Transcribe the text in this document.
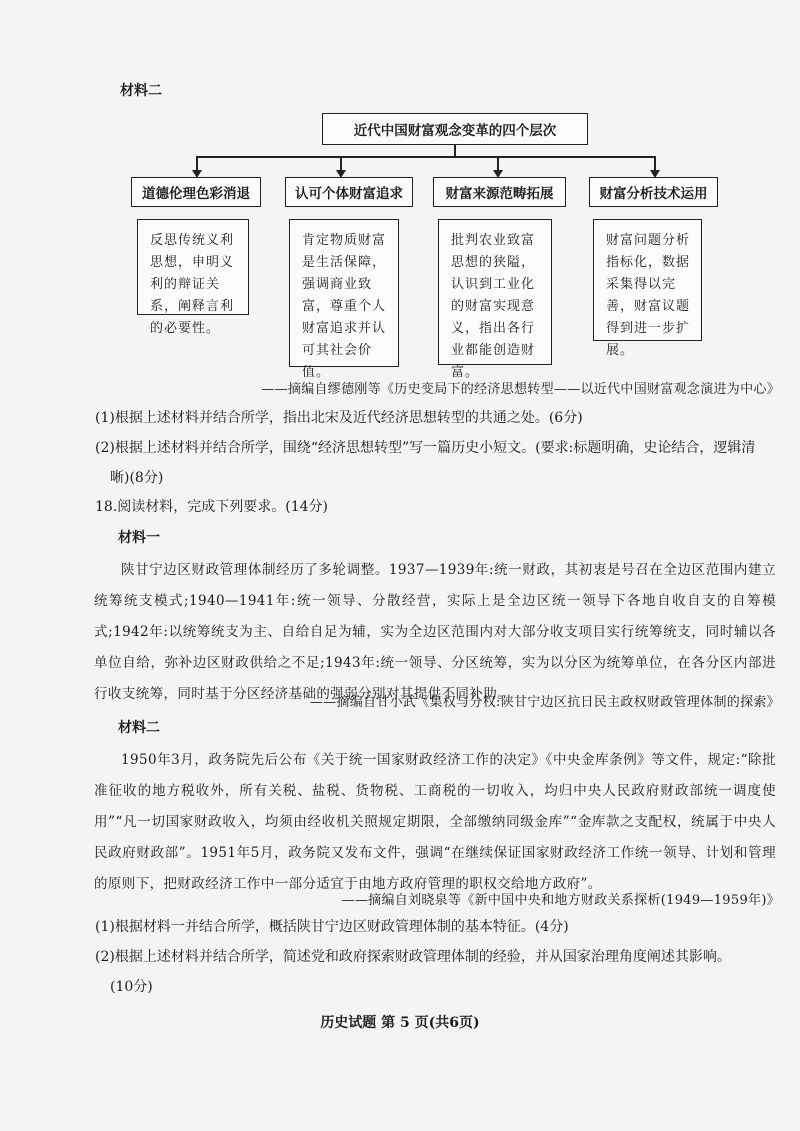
材料二
近代中国财富观念变革的四个层次
道德伦理色彩消退	认可个体财富追求	财富来源范畴拓展	财富分析技术运用
反思传统义利思想，申明义利的辩证关系，阐释言利的必要性。
肯定物质财富是生活保障，强调商业致富，尊重个人财富追求并认可其社会价值。
批判农业致富思想的狭隘，认识到工业化的财富实现意义，指出各行业都能创造财富。
财富问题分析指标化，数据采集得以完善，财富议题得到进一步扩展。
——摘编自缪德刚等《历史变局下的经济思想转型——以近代中国财富观念演进为中心》
(1)根据上述材料并结合所学，指出北宋及近代经济思想转型的共通之处。(6分)
(2)根据上述材料并结合所学，围绕“经济思想转型”写一篇历史小短文。(要求:标题明确，史论结合，逻辑清
晰)(8分)
18.阅读材料，完成下列要求。(14分)
材料一
陕甘宁边区财政管理体制经历了多轮调整。1937—1939年:统一财政，其初衷是号召在全边区范围内建立统筹统支模式;1940—1941年:统一领导、分散经营，实际上是全边区统一领导下各地自收自支的自筹模式;1942年:以统筹统支为主、自给自足为辅，实为全边区范围内对大部分收支项目实行统筹统支，同时辅以各单位自给，弥补边区财政供给之不足;1943年:统一领导、分区统筹，实为以分区为统筹单位，在各分区内部进行收支统筹，同时基于分区经济基础的强弱分别对其提供不同补助。
——摘编自甘小武《集权与分权:陕甘宁边区抗日民主政权财政管理体制的探索》
材料二
1950年3月，政务院先后公布《关于统一国家财政经济工作的决定》《中央金库条例》等文件，规定:“除批准征收的地方税收外，所有关税、盐税、货物税、工商税的一切收入，均归中央人民政府财政部统一调度使用”“凡一切国家财政收入，均须由经收机关照规定期限，全部缴纳同级金库”“金库款之支配权，统属于中央人民政府财政部”。1951年5月，政务院又发布文件，强调“在继续保证国家财政经济工作统一领导、计划和管理的原则下，把财政经济工作中一部分适宜于由地方政府管理的职权交给地方政府”。
——摘编自刘晓泉等《新中国中央和地方财政关系探析(1949—1959年)》
(1)根据材料一并结合所学，概括陕甘宁边区财政管理体制的基本特征。(4分)
(2)根据上述材料并结合所学，简述党和政府探索财政管理体制的经验，并从国家治理角度阐述其影响。
(10分)
历史试题 第 5 页(共6页)
